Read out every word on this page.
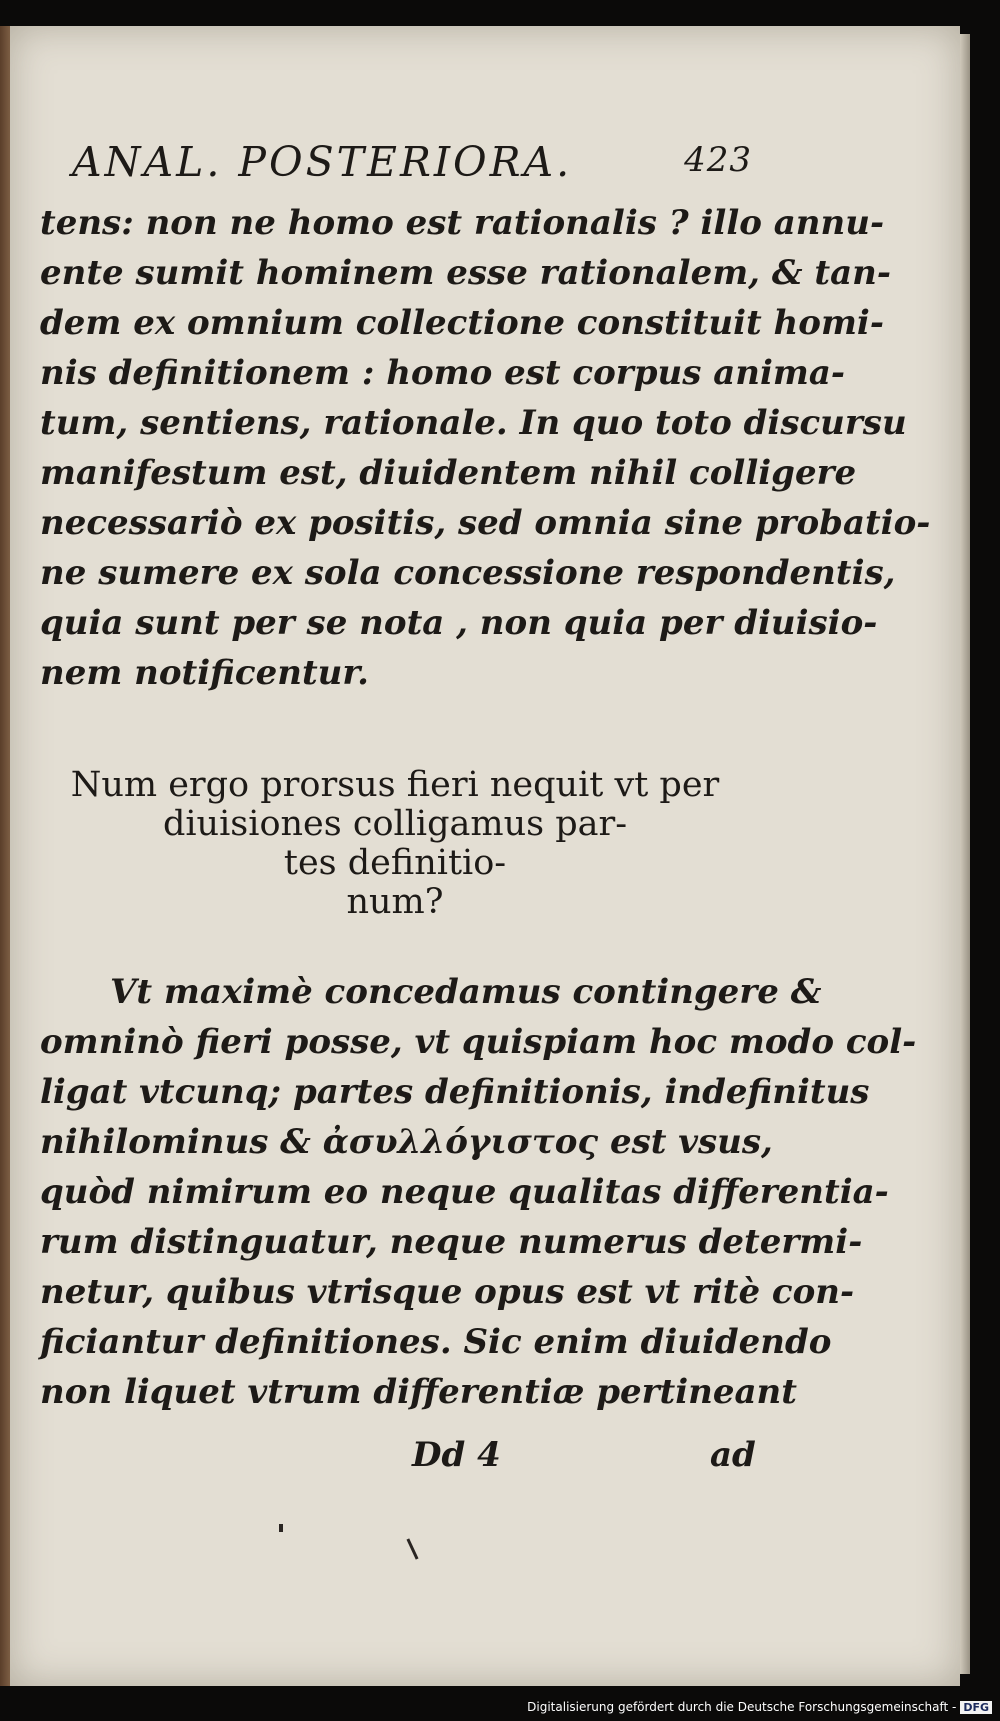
ANAL. POSTERIORA.	423
tens: non ne homo est rationalis ? illo annu-
ente sumit hominem esse rationalem, & tan-
dem ex omnium collectione constituit homi-
nis definitionem : homo est corpus anima-
tum, sentiens, rationale. In quo toto discursu
manifestum est, diuidentem nihil colligere
necessariò ex positis, sed omnia sine probatio-
ne sumere ex sola concessione respondentis,
quia sunt per se nota , non quia per diuisio-
nem notificentur.
Num ergo prorsus fieri nequit vt per
diuisiones colligamus par-
tes definitio-
num?
Vt maximè concedamus contingere &
omninò fieri posse, vt quispiam hoc modo col-
ligat vtcunq; partes definitionis, indefinitus
nihilominus & ἀσυλλόγιστος est vsus,
quòd nimirum eo neque qualitas differentia-
rum distinguatur, neque numerus determi-
netur, quibus vtrisque opus est vt ritè con-
ficiantur definitiones. Sic enim diuidendo
non liquet vtrum differentiæ pertineant
Dd 4	ad
Digitalisierung gefördert durch die Deutsche Forschungsgemeinschaft - DFG
